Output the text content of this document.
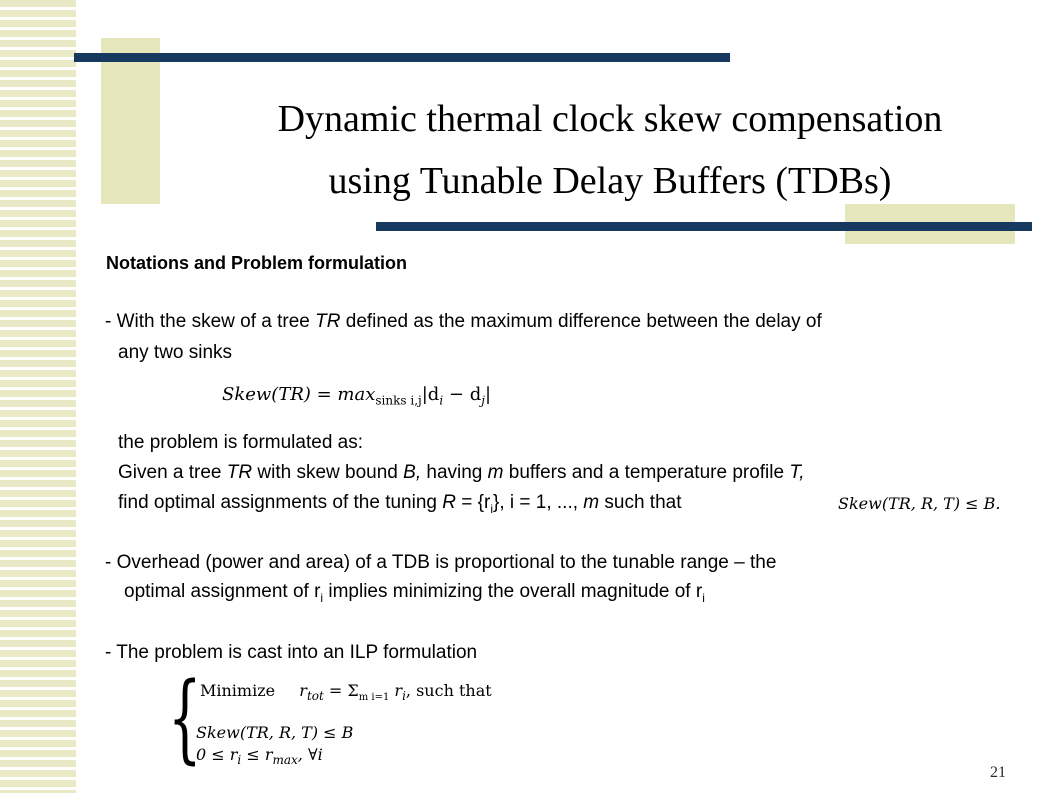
Dynamic thermal clock skew compensation
using Tunable Delay Buffers (TDBs)
Notations and Problem formulation
- With the skew of a tree TR defined as the maximum difference between the delay of
any two sinks
Skew(TR) = $\max_{sinks i,j}|d_i - d_j|$
the problem is formulated as:
Given a tree TR with skew bound B, having m buffers and a temperature profile T,
find optimal assignments of the tuning $R = \{r_i\}$, i = 1, ..., m such that	Skew(TR, R, T) ≤ B.
- Overhead (power and area) of a TDB is proportional to the tunable range – the
optimal assignment of $r_i$ implies minimizing the overall magnitude of $r_i$
- The problem is cast into an ILP formulation
{
Minimize $r_{tot} = \Sigma_{m i=1}$ $r_i$, such that
Skew(TR, R, T) ≤ B
$0 \le r_i \le r_{max}$, ∀i
21
